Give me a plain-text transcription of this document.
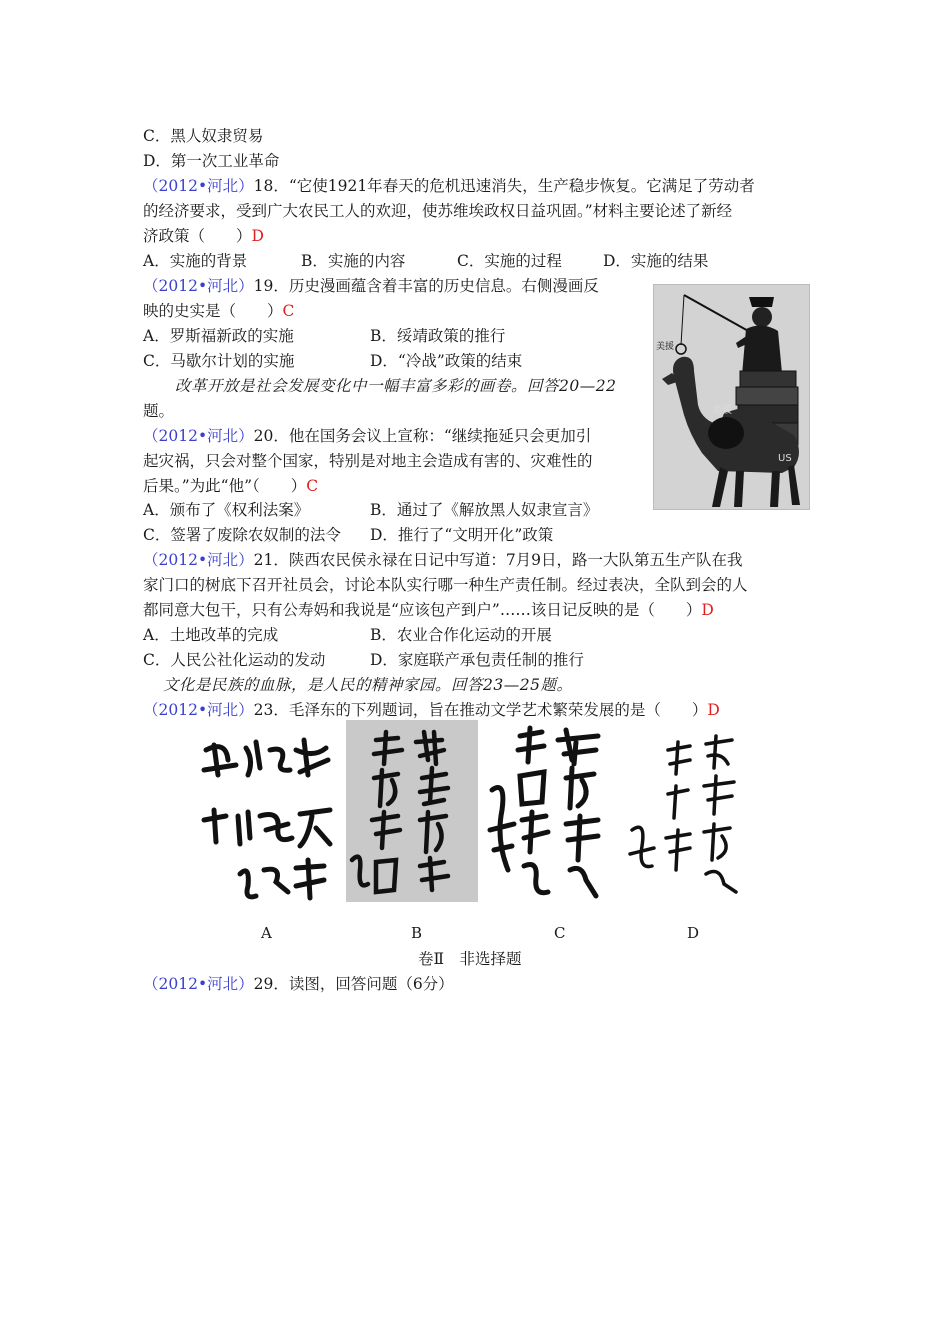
C．黑人奴隶贸易
D．第一次工业革命
（2012•河北）18．“它使1921年春天的危机迅速消失，生产稳步恢复。它满足了劳动者
的经济要求，受到广大农民工人的欢迎，使苏维埃政权日益巩固。”材料主要论述了新经
济政策（　　）D
A．实施的背景	B．实施的内容	C．实施的过程	D．实施的结果
（2012•河北）19．历史漫画蕴含着丰富的历史信息。右侧漫画反
映的史实是（　　）C
A．罗斯福新政的实施	B．绥靖政策的推行
C．马歇尔计划的实施	D．“冷战”政策的结束
美援
美援
US
改革开放是社会发展变化中一幅丰富多彩的画卷。回答20—22
题。
（2012•河北）20．他在国务会议上宣称：“继续拖延只会更加引
起灾祸，只会对整个国家，特别是对地主会造成有害的、灾难性的
后果。”为此“他”（　　）C
A．颁布了《权利法案》	B．通过了《解放黑人奴隶宣言》
C．签署了废除农奴制的法令 D．推行了“文明开化”政策
（2012•河北）21．陕西农民侯永禄在日记中写道：7月9日，路一大队第五生产队在我
家门口的树底下召开社员会，讨论本队实行哪一种生产责任制。经过表决，全队到会的人
都同意大包干，只有公寿妈和我说是“应该包产到户”……该日记反映的是（　　）D
A．土地改革的完成	B．农业合作化运动的开展
C．人民公社化运动的发动	D．家庭联产承包责任制的推行
文化是民族的血脉，是人民的精神家园。回答23—25题。
（2012•河北）23．毛泽东的下列题词，旨在推动文学艺术繁荣发展的是（　　）D
A	B	C	D
卷Ⅱ　非选择题
（2012•河北）29．读图，回答问题（6分）
